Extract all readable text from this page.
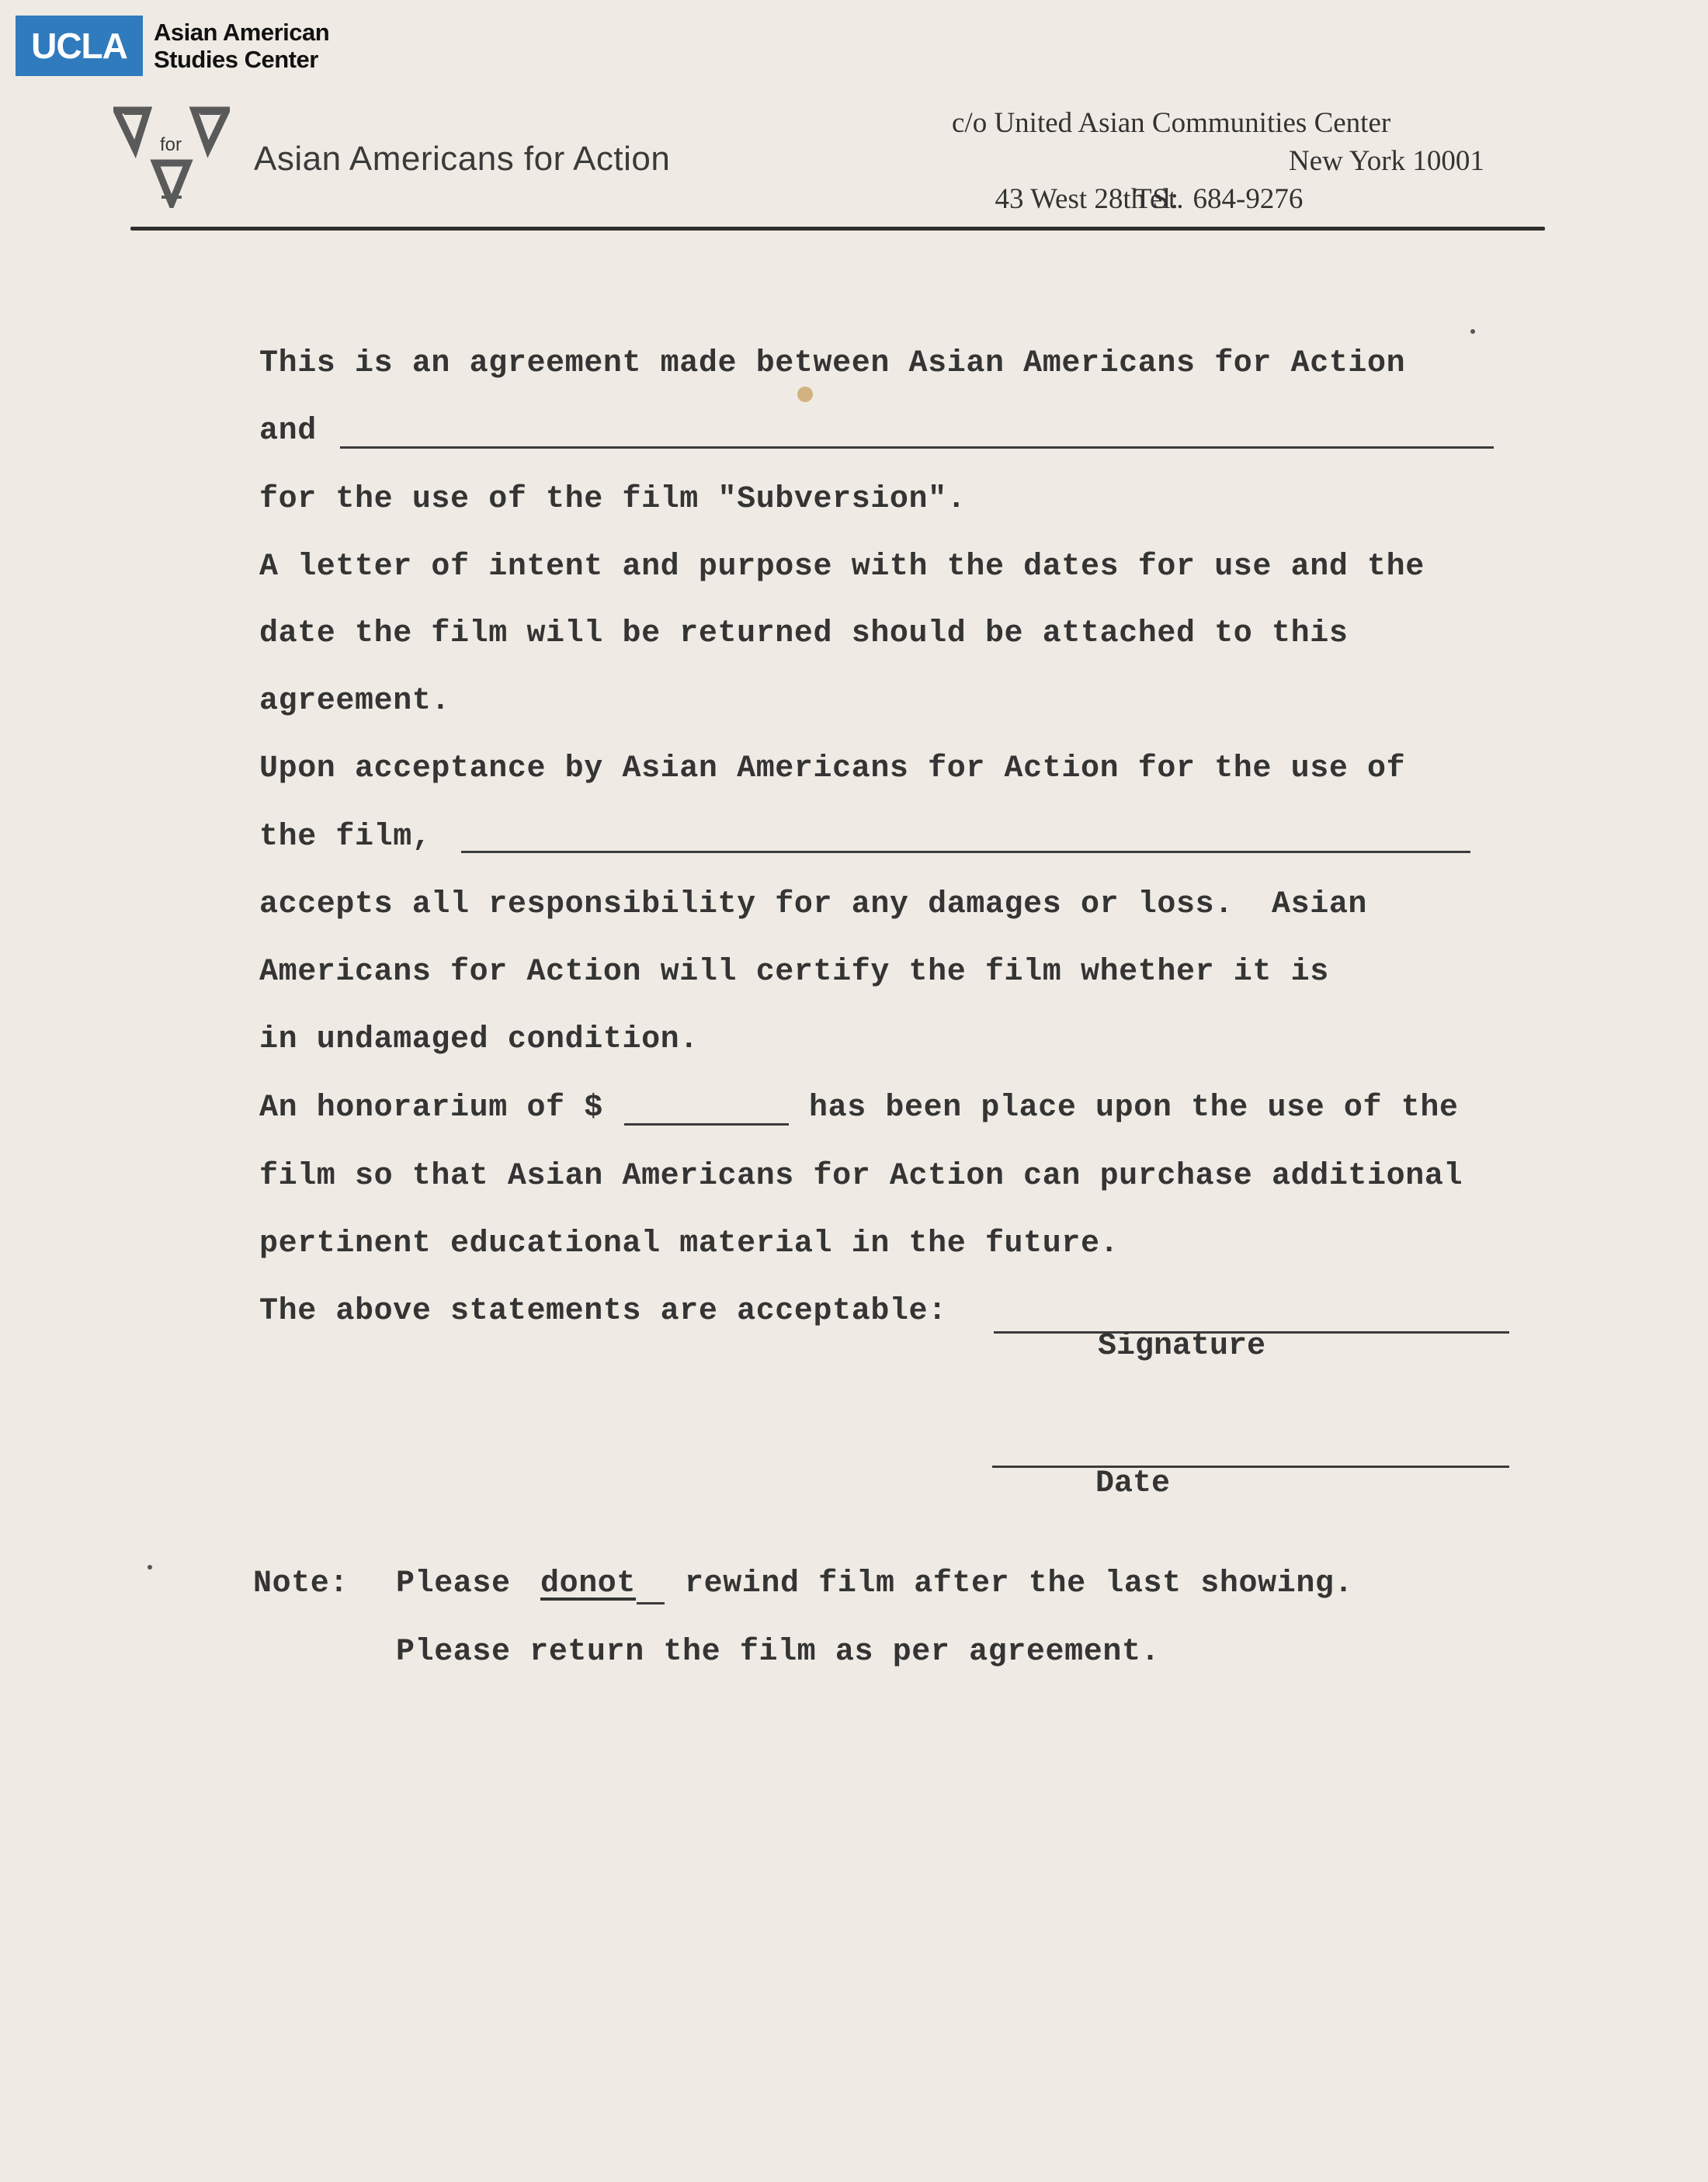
UCLA	Asian American
Studies Center
for Asian Americans for Action
c/o United Asian Communities Center

43 West 28th St.

New York 10001

Tel:  684-9276
This is an agreement made between Asian Americans for Action
and
for the use of the film "Subversion".
A letter of intent and purpose with the dates for use and the
date the film will be returned should be attached to this
agreement.
Upon acceptance by Asian Americans for Action for the use of
the film,
accepts all responsibility for any damages or loss.  Asian
Americans for Action will certify the film whether it is
in undamaged condition.
An honorarium of $	has been place upon the use of the
film so that Asian Americans for Action can purchase additional
pertinent educational material in the future.
The above statements are acceptable:
Signature
Date
Note: Please donot rewind film after the last showing.
Please return the film as per agreement.
